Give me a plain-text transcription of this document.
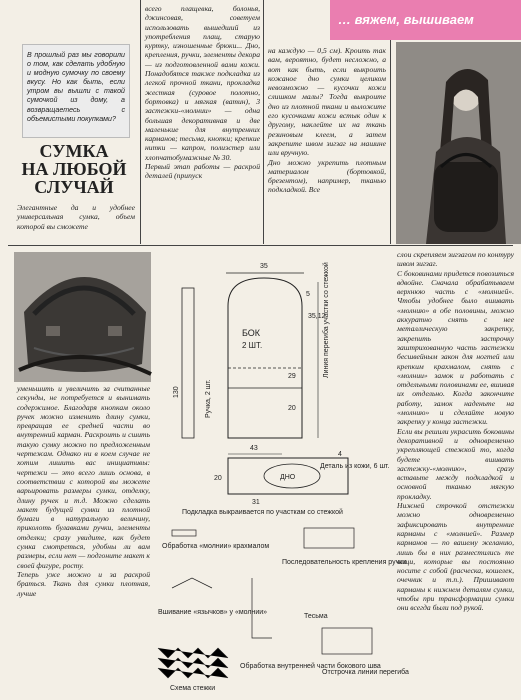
… вяжем, вышиваем
В прошлый раз мы говорили о том, как сделать удобную и модную сумочку по своему вкусу. Но как быть, если утром вы вышли с такой сумочкой из дому, а возвращаетесь с объемистыми покупками?
СУМКА
НА ЛЮБОЙ
СЛУЧАЙ
Элегантные да и удобнее универсальная сумка, объем которой вы сможете
всего плащевка, болонья, джинсовая, советуем использовать вышедший из употребления плащ, старую куртку, изношенные брюки... Дно, крепления, ручки, элементы декора — из подготовленной вами кожи. Понадобятся также подкладка из легкой прочной ткани, прокладка жесткая (суровое полотно, бортовка) и мягкая (ватин), 3 застежки-«молнии» — одна большая декоративная и две маленькие для внутренних карманов; тесьма, кнопки; крепкие нитки — капрон, полиэстер или хлопчатобумажные № 30.
Первый этап работы — раскрой деталей (припуск
на каждую — 0,5 см). Кроить так вам, вероятно, будет несложно, а вот как быть, если выкроить кожаное дно сумки целиком невозможно — кусочки кожи слишком малы? Тогда выкроите дно из плотной ткани и выложите его кусочками кожи встык один к другому, наклейте их на ткань резиновым клеем, а затем закрепите швом зигзаг на машине или вручную.
Дно можно укрепить плотным материалом (бортовкой, брезентом), напримеp, тканью подкладкой. Все
уменьшить и увеличить за считанные секунды, не потребуется и вынимать содержимое. Благодаря кнопкам около ручек можно изменить длину сумки, превращая ее средней части во внутренний карман. Раскроить и сшить такую сумку можно по предложенным чертежам. Однако ни в коем случае не хотим лишить вас инициативы: чертежи — это всего лишь основа, в соответствии с которой вы можете варьировать размеры сумки, отделку, длину ручек и т.д. Можно сделать макет будущей сумки из плотной бумаги в натуральную величину, приколоть булавками ручки, элементы отделки; сразу увидите, как будет сумка смотреться, удобны ли вам размеры, если нет — подгоните макет к своей фигуре, росту.
Теперь уже можно и за раскрой браться. Ткань для сумки плотная, лучше
слои скрепляем зигзагом по контуру швом зигзаг.
С боковинами придется повозиться вдвойне. Сначала обрабатываем верхнюю часть с «молнией». Чтобы удобнее было вшивать «молнию» в обе половины, можно аккуратно снять с нее металлическую закрепку, закрепить застрочку заштрихованную часть застежки бесшвейным закон для ногтей или крепким крахмалом, снять с «молнии» замок и работать с отдельными половинами ее, вшивая их отдельно. Когда закончите работу, замок наденьте на «молнию» и сделайте новую закрепку у конца застежки.
Если вы решили украсить боковины декоративной и одновременно укрепляющей стежкой то, когда будете вшивать застежку-«молнию», сразу вставьте между подкладкой и основной тканью мягкую прокладку.
Нижней строчкой отстежки можно одновременно зафиксировать внутренние карманы с «молнией». Размер карманов — по вашему желанию, лишь бы в них разместились те вещи, которые вы постоянно носите с собой (расческа, кошелек, очечник и т.п.). Пришивают карманы к нижнем деталям сумки, чтобы при трансформации сумки они всегда были под рукой.
35
БОК
2 ШТ.
5
35,12
29
20
Линия перегиба участки со стежкой
130	Ручка, 2 шт.
43
ДНО
20
31
4
Деталь из кожи, 6 шт.
Подкладка выкраивается по участкам со стежкой
Обработка «молнии» крахмалом
Последовательность крепления ручки
Вшивание «язычков» у «молнии»
Обработка внутренней части бокового шва
Тесьма
Отстрочка линии перегиба
Схема стежки
